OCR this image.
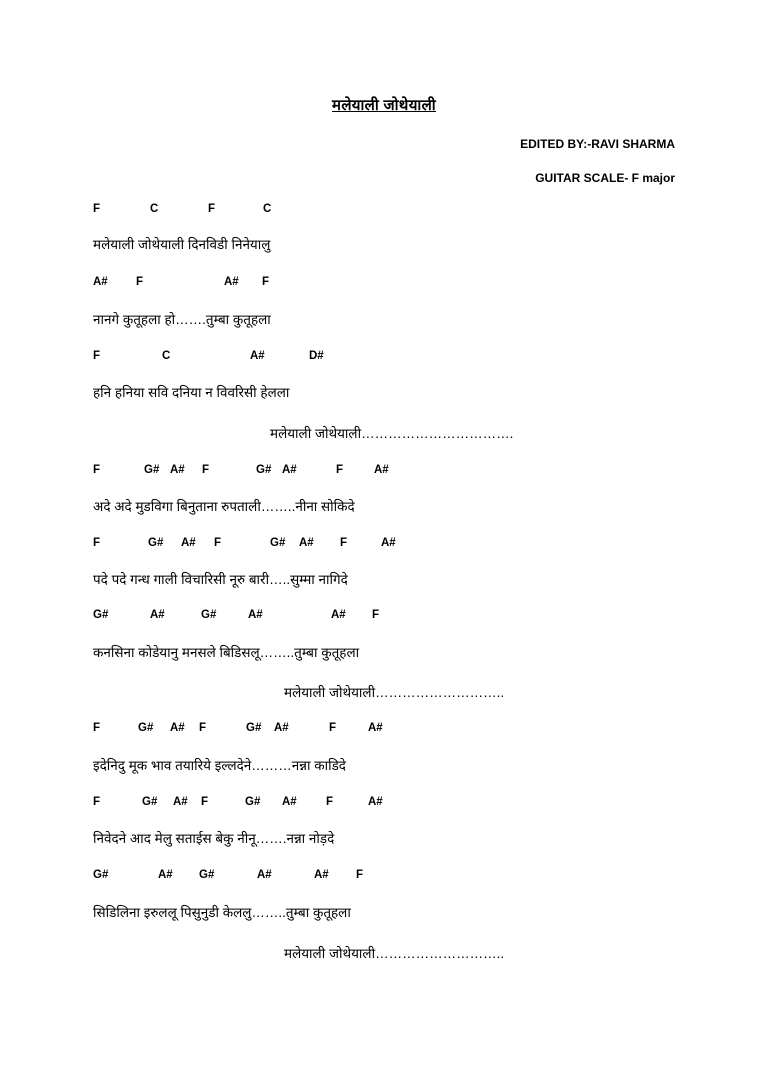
मलेयाली जोथेयाली
EDITED BY:-RAVI SHARMA
GUITAR SCALE- F major
F	C	F	C
मलेयाली जोथेयाली दिनविडी निनेयालु
A# F	A# F
नानगे कुतूहला हो…….तुम्बा कुतूहला
F	C	A#	D#
हनि हनिया सवि दनिया न विवरिसी हेलला
मलेयाली जोथेयाली…………………………….
F	G# A# F	G# A#	F	A#
अदे अदे मुडविगा बिनुताना रुपताली……..नीना सोकिदे
F	G# A# F	G# A# F	A#
पदे पदे गन्ध गाली विचारिसी नूरु बारी…..सुम्मा नागिदे
G#	A#	G#	A#	A# F
कनसिना कोडेयानु मनसले बिडिसलू……..तुम्बा कुतूहला
मलेयाली जोथेयाली………………………..
F	G# A# F	G# A#	F	A#
इदेनिदु मूक भाव तयारिये इल्लदेने………नन्ना काडिदे
F	G# A# F	G# A#	F	A#
निवेदने आद मेलु सताईस बेकु नीनू…….नन्ना नोड़दे
G#	A# G#	A#	A# F
सिडिलिना इरुललू पिसुनुडी केललु……..तुम्बा कुतूहला
मलेयाली जोथेयाली………………………..
